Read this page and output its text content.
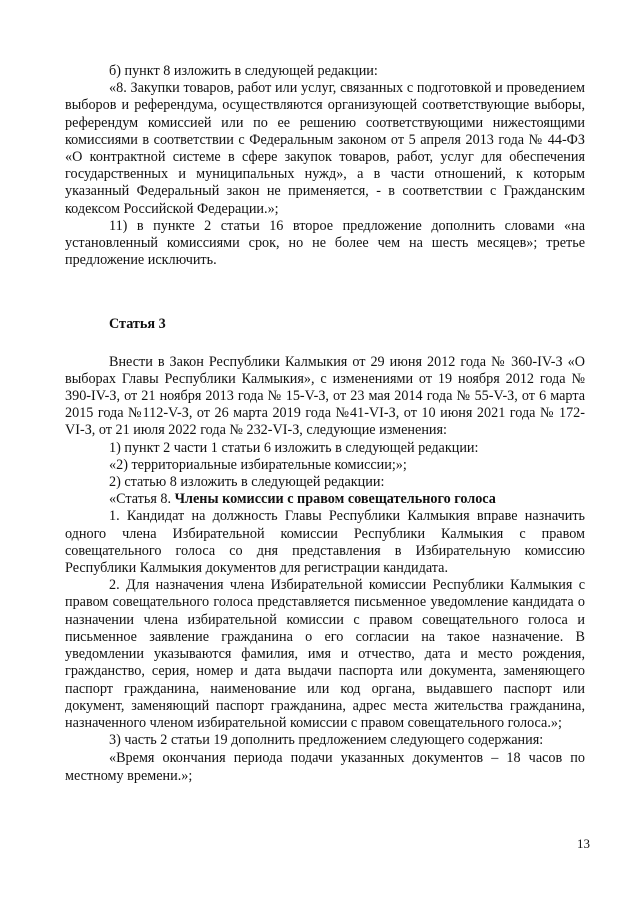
б) пункт 8 изложить в следующей редакции:

«8. Закупки товаров, работ или услуг, связанных с подготовкой и проведением выборов и референдума, осуществляются организующей соответствующие выборы, референдум комиссией или по ее решению соответствующими нижестоящими комиссиями в соответствии с Федеральным законом от 5 апреля 2013 года № 44-ФЗ «О контрактной системе в сфере закупок товаров, работ, услуг для обеспечения государственных и муниципальных нужд», а в части отношений, к которым указанный Федеральный закон не применяется, - в соответствии с Гражданским кодексом Российской Федерации.»;

11) в пункте 2 статьи 16 второе предложение дополнить словами «на установленный комиссиями срок, но не более чем на шесть месяцев»; третье предложение исключить.

Статья 3

Внести в Закон Республики Калмыкия от 29 июня 2012 года № 360-IV-З «О выборах Главы Республики Калмыкия», с изменениями от 19 ноября 2012 года № 390-IV-З, от 21 ноября 2013 года № 15-V-З, от 23 мая 2014 года № 55-V-З, от 6 марта 2015 года №112-V-З, от 26 марта 2019 года №41-VI-З, от 10 июня 2021 года № 172-VI-З, от 21 июля 2022 года № 232-VI-З, следующие изменения:

1) пункт 2 части 1 статьи 6 изложить в следующей редакции:

«2) территориальные избирательные комиссии;»;

2) статью 8 изложить в следующей редакции:

«Статья 8. Члены комиссии с правом совещательного голоса

1. Кандидат на должность Главы Республики Калмыкия вправе назначить одного члена Избирательной комиссии Республики Калмыкия с правом совещательного голоса со дня представления в Избирательную комиссию Республики Калмыкия документов для регистрации кандидата.

2. Для назначения члена Избирательной комиссии Республики Калмыкия с правом совещательного голоса представляется письменное уведомление кандидата о назначении члена избирательной комиссии с правом совещательного голоса и письменное заявление гражданина о его согласии на такое назначение. В уведомлении указываются фамилия, имя и отчество, дата и место рождения, гражданство, серия, номер и дата выдачи паспорта или документа, заменяющего паспорт гражданина, наименование или код органа, выдавшего паспорт или документ, заменяющий паспорт гражданина, адрес места жительства гражданина, назначенного членом избирательной комиссии с правом совещательного голоса.»;

3) часть 2 статьи 19 дополнить предложением следующего содержания:

«Время окончания периода подачи указанных документов – 18 часов по местному времени.»;

13
